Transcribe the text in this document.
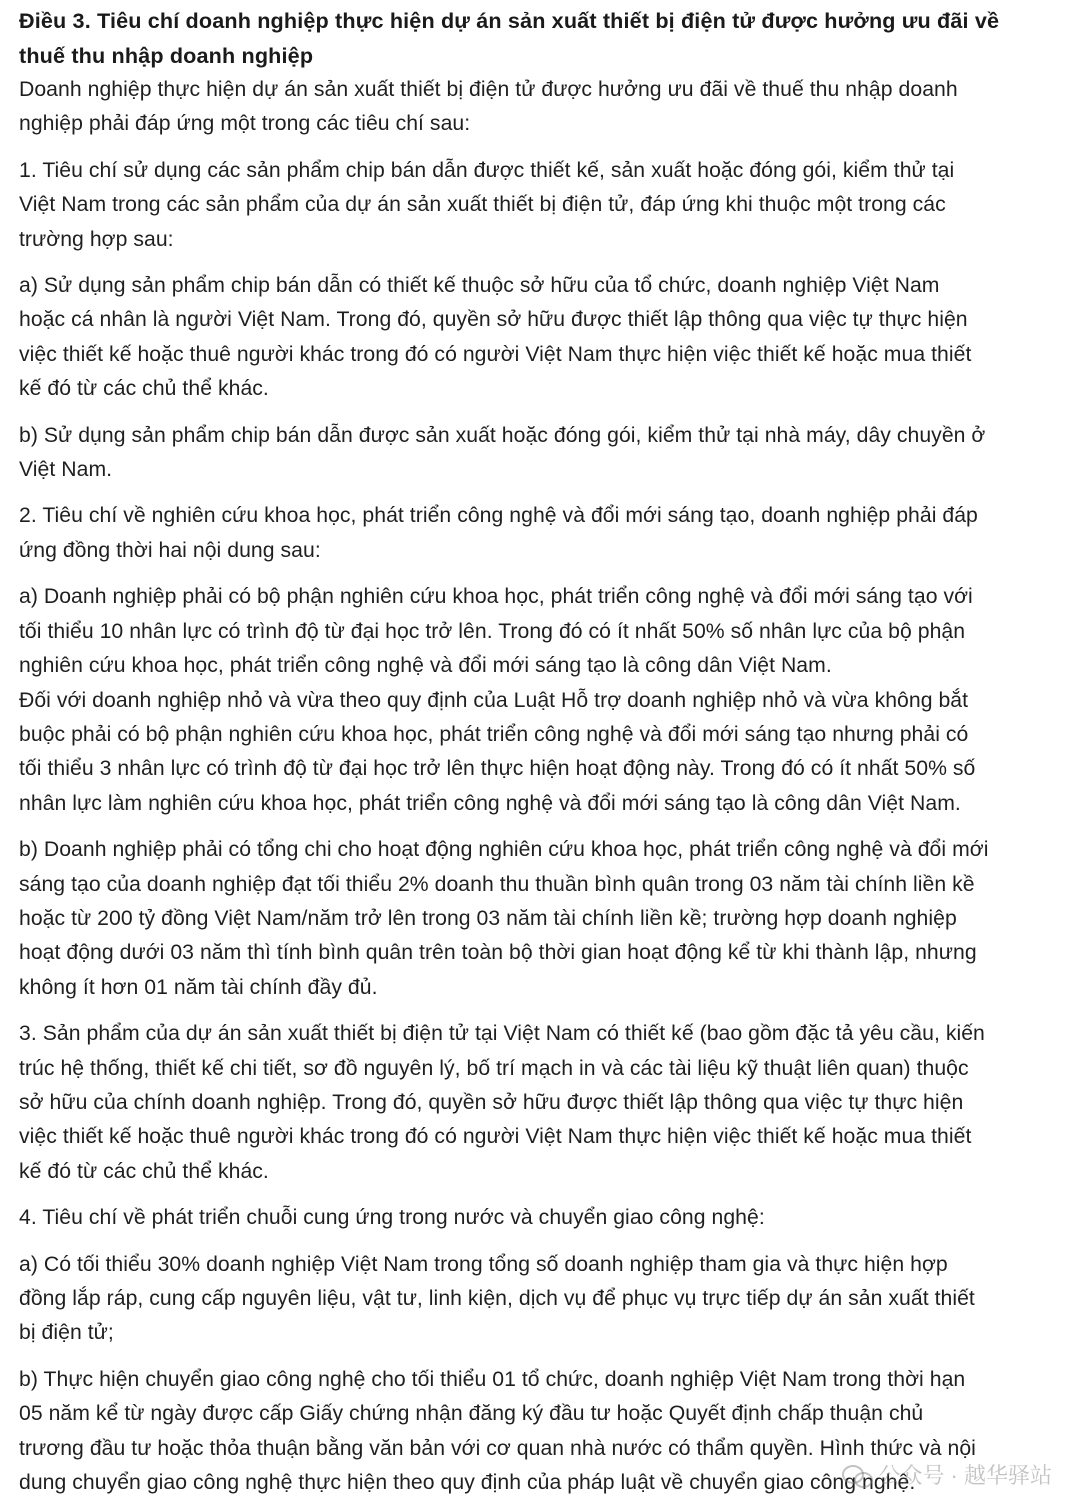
Điều 3. Tiêu chí doanh nghiệp thực hiện dự án sản xuất thiết bị điện tử được hưởng ưu đãi về
thuế thu nhập doanh nghiệp
Doanh nghiệp thực hiện dự án sản xuất thiết bị điện tử được hưởng ưu đãi về thuế thu nhập doanh
nghiệp phải đáp ứng một trong các tiêu chí sau:
1. Tiêu chí sử dụng các sản phẩm chip bán dẫn được thiết kế, sản xuất hoặc đóng gói, kiểm thử tại
Việt Nam trong các sản phẩm của dự án sản xuất thiết bị điện tử, đáp ứng khi thuộc một trong các
trường hợp sau:
a) Sử dụng sản phẩm chip bán dẫn có thiết kế thuộc sở hữu của tổ chức, doanh nghiệp Việt Nam
hoặc cá nhân là người Việt Nam. Trong đó, quyền sở hữu được thiết lập thông qua việc tự thực hiện
việc thiết kế hoặc thuê người khác trong đó có người Việt Nam thực hiện việc thiết kế hoặc mua thiết
kế đó từ các chủ thể khác.
b) Sử dụng sản phẩm chip bán dẫn được sản xuất hoặc đóng gói, kiểm thử tại nhà máy, dây chuyền ở
Việt Nam.
2. Tiêu chí về nghiên cứu khoa học, phát triển công nghệ và đổi mới sáng tạo, doanh nghiệp phải đáp
ứng đồng thời hai nội dung sau:
a) Doanh nghiệp phải có bộ phận nghiên cứu khoa học, phát triển công nghệ và đổi mới sáng tạo với
tối thiểu 10 nhân lực có trình độ từ đại học trở lên. Trong đó có ít nhất 50% số nhân lực của bộ phận
nghiên cứu khoa học, phát triển công nghệ và đổi mới sáng tạo là công dân Việt Nam.
Đối với doanh nghiệp nhỏ và vừa theo quy định của Luật Hỗ trợ doanh nghiệp nhỏ và vừa không bắt
buộc phải có bộ phận nghiên cứu khoa học, phát triển công nghệ và đổi mới sáng tạo nhưng phải có
tối thiểu 3 nhân lực có trình độ từ đại học trở lên thực hiện hoạt động này. Trong đó có ít nhất 50% số
nhân lực làm nghiên cứu khoa học, phát triển công nghệ và đổi mới sáng tạo là công dân Việt Nam.
b) Doanh nghiệp phải có tổng chi cho hoạt động nghiên cứu khoa học, phát triển công nghệ và đổi mới
sáng tạo của doanh nghiệp đạt tối thiểu 2% doanh thu thuần bình quân trong 03 năm tài chính liền kề
hoặc từ 200 tỷ đồng Việt Nam/năm trở lên trong 03 năm tài chính liền kề; trường hợp doanh nghiệp
hoạt động dưới 03 năm thì tính bình quân trên toàn bộ thời gian hoạt động kể từ khi thành lập, nhưng
không ít hơn 01 năm tài chính đầy đủ.
3. Sản phẩm của dự án sản xuất thiết bị điện tử tại Việt Nam có thiết kế (bao gồm đặc tả yêu cầu, kiến
trúc hệ thống, thiết kế chi tiết, sơ đồ nguyên lý, bố trí mạch in và các tài liệu kỹ thuật liên quan) thuộc
sở hữu của chính doanh nghiệp. Trong đó, quyền sở hữu được thiết lập thông qua việc tự thực hiện
việc thiết kế hoặc thuê người khác trong đó có người Việt Nam thực hiện việc thiết kế hoặc mua thiết
kế đó từ các chủ thể khác.
4. Tiêu chí về phát triển chuỗi cung ứng trong nước và chuyển giao công nghệ:
a) Có tối thiểu 30% doanh nghiệp Việt Nam trong tổng số doanh nghiệp tham gia và thực hiện hợp
đồng lắp ráp, cung cấp nguyên liệu, vật tư, linh kiện, dịch vụ để phục vụ trực tiếp dự án sản xuất thiết
bị điện tử;
b) Thực hiện chuyển giao công nghệ cho tối thiểu 01 tổ chức, doanh nghiệp Việt Nam trong thời hạn
05 năm kể từ ngày được cấp Giấy chứng nhận đăng ký đầu tư hoặc Quyết định chấp thuận chủ
trương đầu tư hoặc thỏa thuận bằng văn bản với cơ quan nhà nước có thẩm quyền. Hình thức và nội
dung chuyển giao công nghệ thực hiện theo quy định của pháp luật về chuyển giao công nghệ.
公众号 · 越华驿站
